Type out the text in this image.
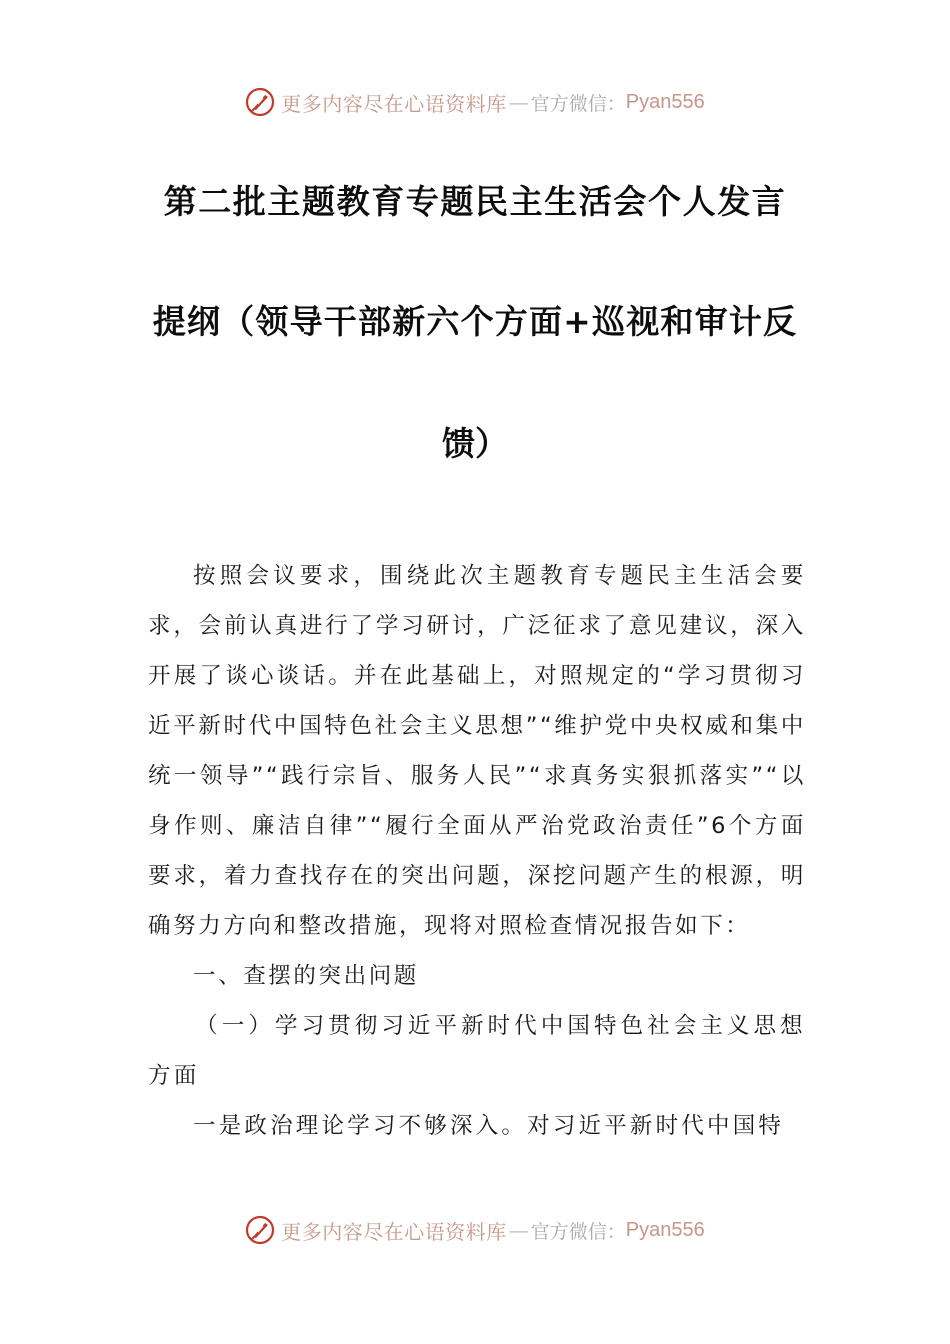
更多内容尽在心语资料库 — 官方微信： Pyan556
第二批主题教育专题民主生活会个人发言
提纲（领导干部新六个方面+巡视和审计反
馈）

按照会议要求，围绕此次主题教育专题民主生活会要求，会前认真进行了学习研讨，广泛征求了意见建议，深入开展了谈心谈话。并在此基础上，对照规定的“学习贯彻习近平新时代中国特色社会主义思想”“维护党中央权威和集中统一领导”“践行宗旨、服务人民”“求真务实狠抓落实”“以身作则、廉洁自律”“履行全面从严治党政治责任”6个方面要求，着力查找存在的突出问题，深挖问题产生的根源，明确努力方向和整改措施，现将对照检查情况报告如下：

一、查摆的突出问题

（一）学习贯彻习近平新时代中国特色社会主义思想方面

一是政治理论学习不够深入。对习近平新时代中国特

更多内容尽在心语资料库 — 官方微信： Pyan556
